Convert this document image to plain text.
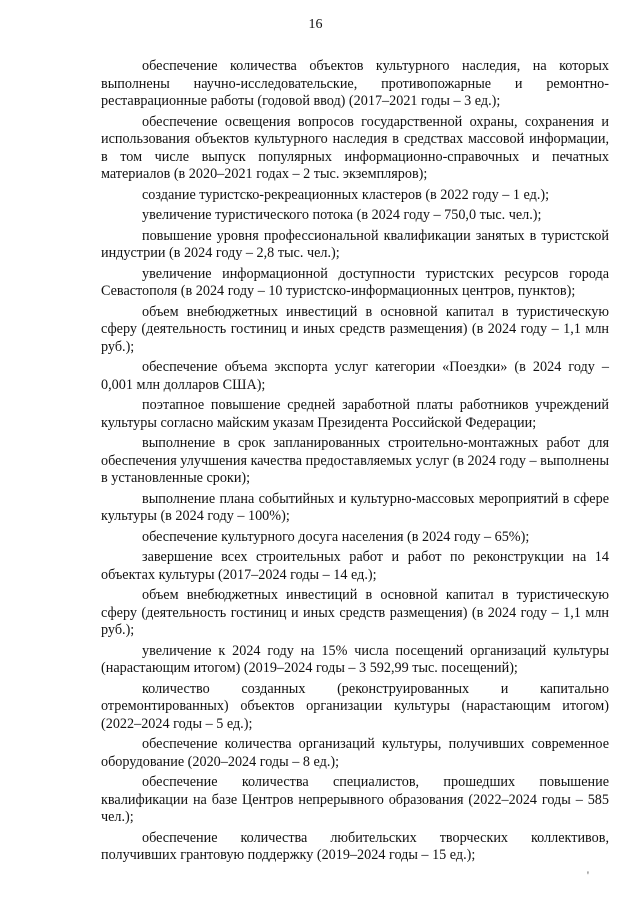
16

обеспечение количества объектов культурного наследия, на которых выполнены научно-исследовательские, противопожарные и ремонтно-реставрационные работы (годовой ввод) (2017–2021 годы – 3 ед.);

обеспечение освещения вопросов государственной охраны, сохранения и использования объектов культурного наследия в средствах массовой информации, в том числе выпуск популярных информационно-справочных и печатных материалов (в 2020–2021 годах – 2 тыс. экземпляров);

создание туристско-рекреационных кластеров (в 2022 году – 1 ед.);

увеличение туристического потока (в 2024 году – 750,0 тыс. чел.);

повышение уровня профессиональной квалификации занятых в туристской индустрии (в 2024 году – 2,8 тыс. чел.);

увеличение информационной доступности туристских ресурсов города Севастополя (в 2024 году – 10 туристско-информационных центров, пунктов);

объем внебюджетных инвестиций в основной капитал в туристическую сферу (деятельность гостиниц и иных средств размещения) (в 2024 году – 1,1 млн руб.);

обеспечение объема экспорта услуг категории «Поездки» (в 2024 году – 0,001 млн долларов США);

поэтапное повышение средней заработной платы работников учреждений культуры согласно майским указам Президента Российской Федерации;

выполнение в срок запланированных строительно-монтажных работ для обеспечения улучшения качества предоставляемых услуг (в 2024 году – выполнены в установленные сроки);

выполнение плана событийных и культурно-массовых мероприятий в сфере культуры (в 2024 году – 100%);

обеспечение культурного досуга населения (в 2024 году – 65%);

завершение всех строительных работ и работ по реконструкции на 14 объектах культуры (2017–2024 годы – 14 ед.);

объем внебюджетных инвестиций в основной капитал в туристическую сферу (деятельность гостиниц и иных средств размещения) (в 2024 году – 1,1 млн руб.);

увеличение к 2024 году на 15% числа посещений организаций культуры (нарастающим итогом) (2019–2024 годы – 3 592,99 тыс. посещений);

количество созданных (реконструированных и капитально отремонтированных) объектов организации культуры (нарастающим итогом) (2022–2024 годы – 5 ед.);

обеспечение количества организаций культуры, получивших современное оборудование (2020–2024 годы – 8 ед.);

обеспечение количества специалистов, прошедших повышение квалификации на базе Центров непрерывного образования (2022–2024 годы – 585 чел.);

обеспечение количества любительских творческих коллективов, получивших грантовую поддержку (2019–2024 годы – 15 ед.);

'
